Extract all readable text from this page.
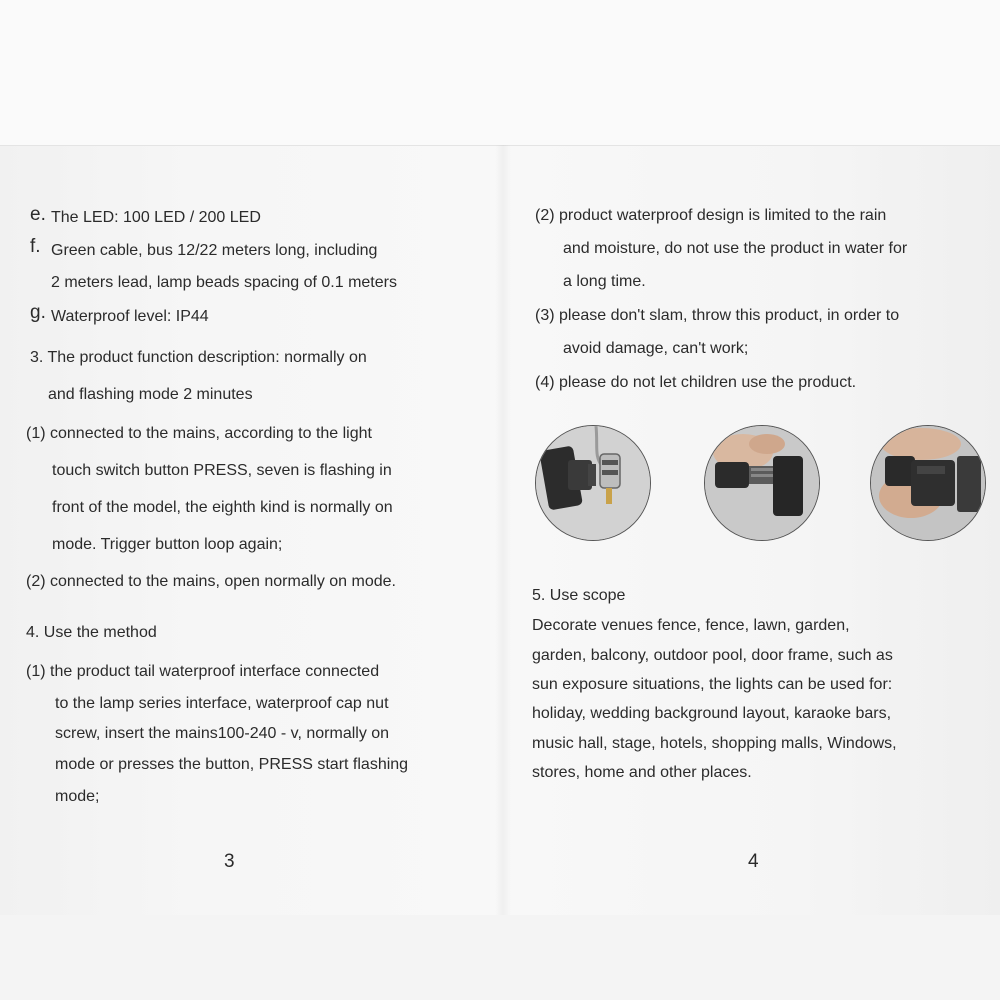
e. The LED: 100 LED / 200 LED
f. Green cable, bus 12/22 meters long, including
2 meters lead, lamp beads spacing of 0.1 meters
g. Waterproof level: IP44
3. The product function description: normally on
and flashing mode 2 minutes
(1) connected to the mains, according to the light
touch switch button PRESS, seven is flashing in
front of the model, the eighth kind is normally on
mode. Trigger button loop again;
(2) connected to the mains, open normally on mode.
4. Use the method
(1) the product tail waterproof interface connected
to the lamp series interface, waterproof cap nut
screw, insert the mains100-240 - v, normally on
mode or presses the button, PRESS start flashing
mode;
3
(2) product waterproof design is limited to the rain
and moisture, do not use the product in water for
a long time.
(3) please don't slam, throw this product, in order to
avoid damage, can't work;
(4) please do not let children use the product.
5. Use scope
Decorate venues fence, fence, lawn, garden,
garden, balcony, outdoor pool, door frame, such as
sun exposure situations, the lights can be used for:
holiday, wedding background layout, karaoke bars,
music hall, stage, hotels, shopping malls, Windows,
stores, home and other places.
4
